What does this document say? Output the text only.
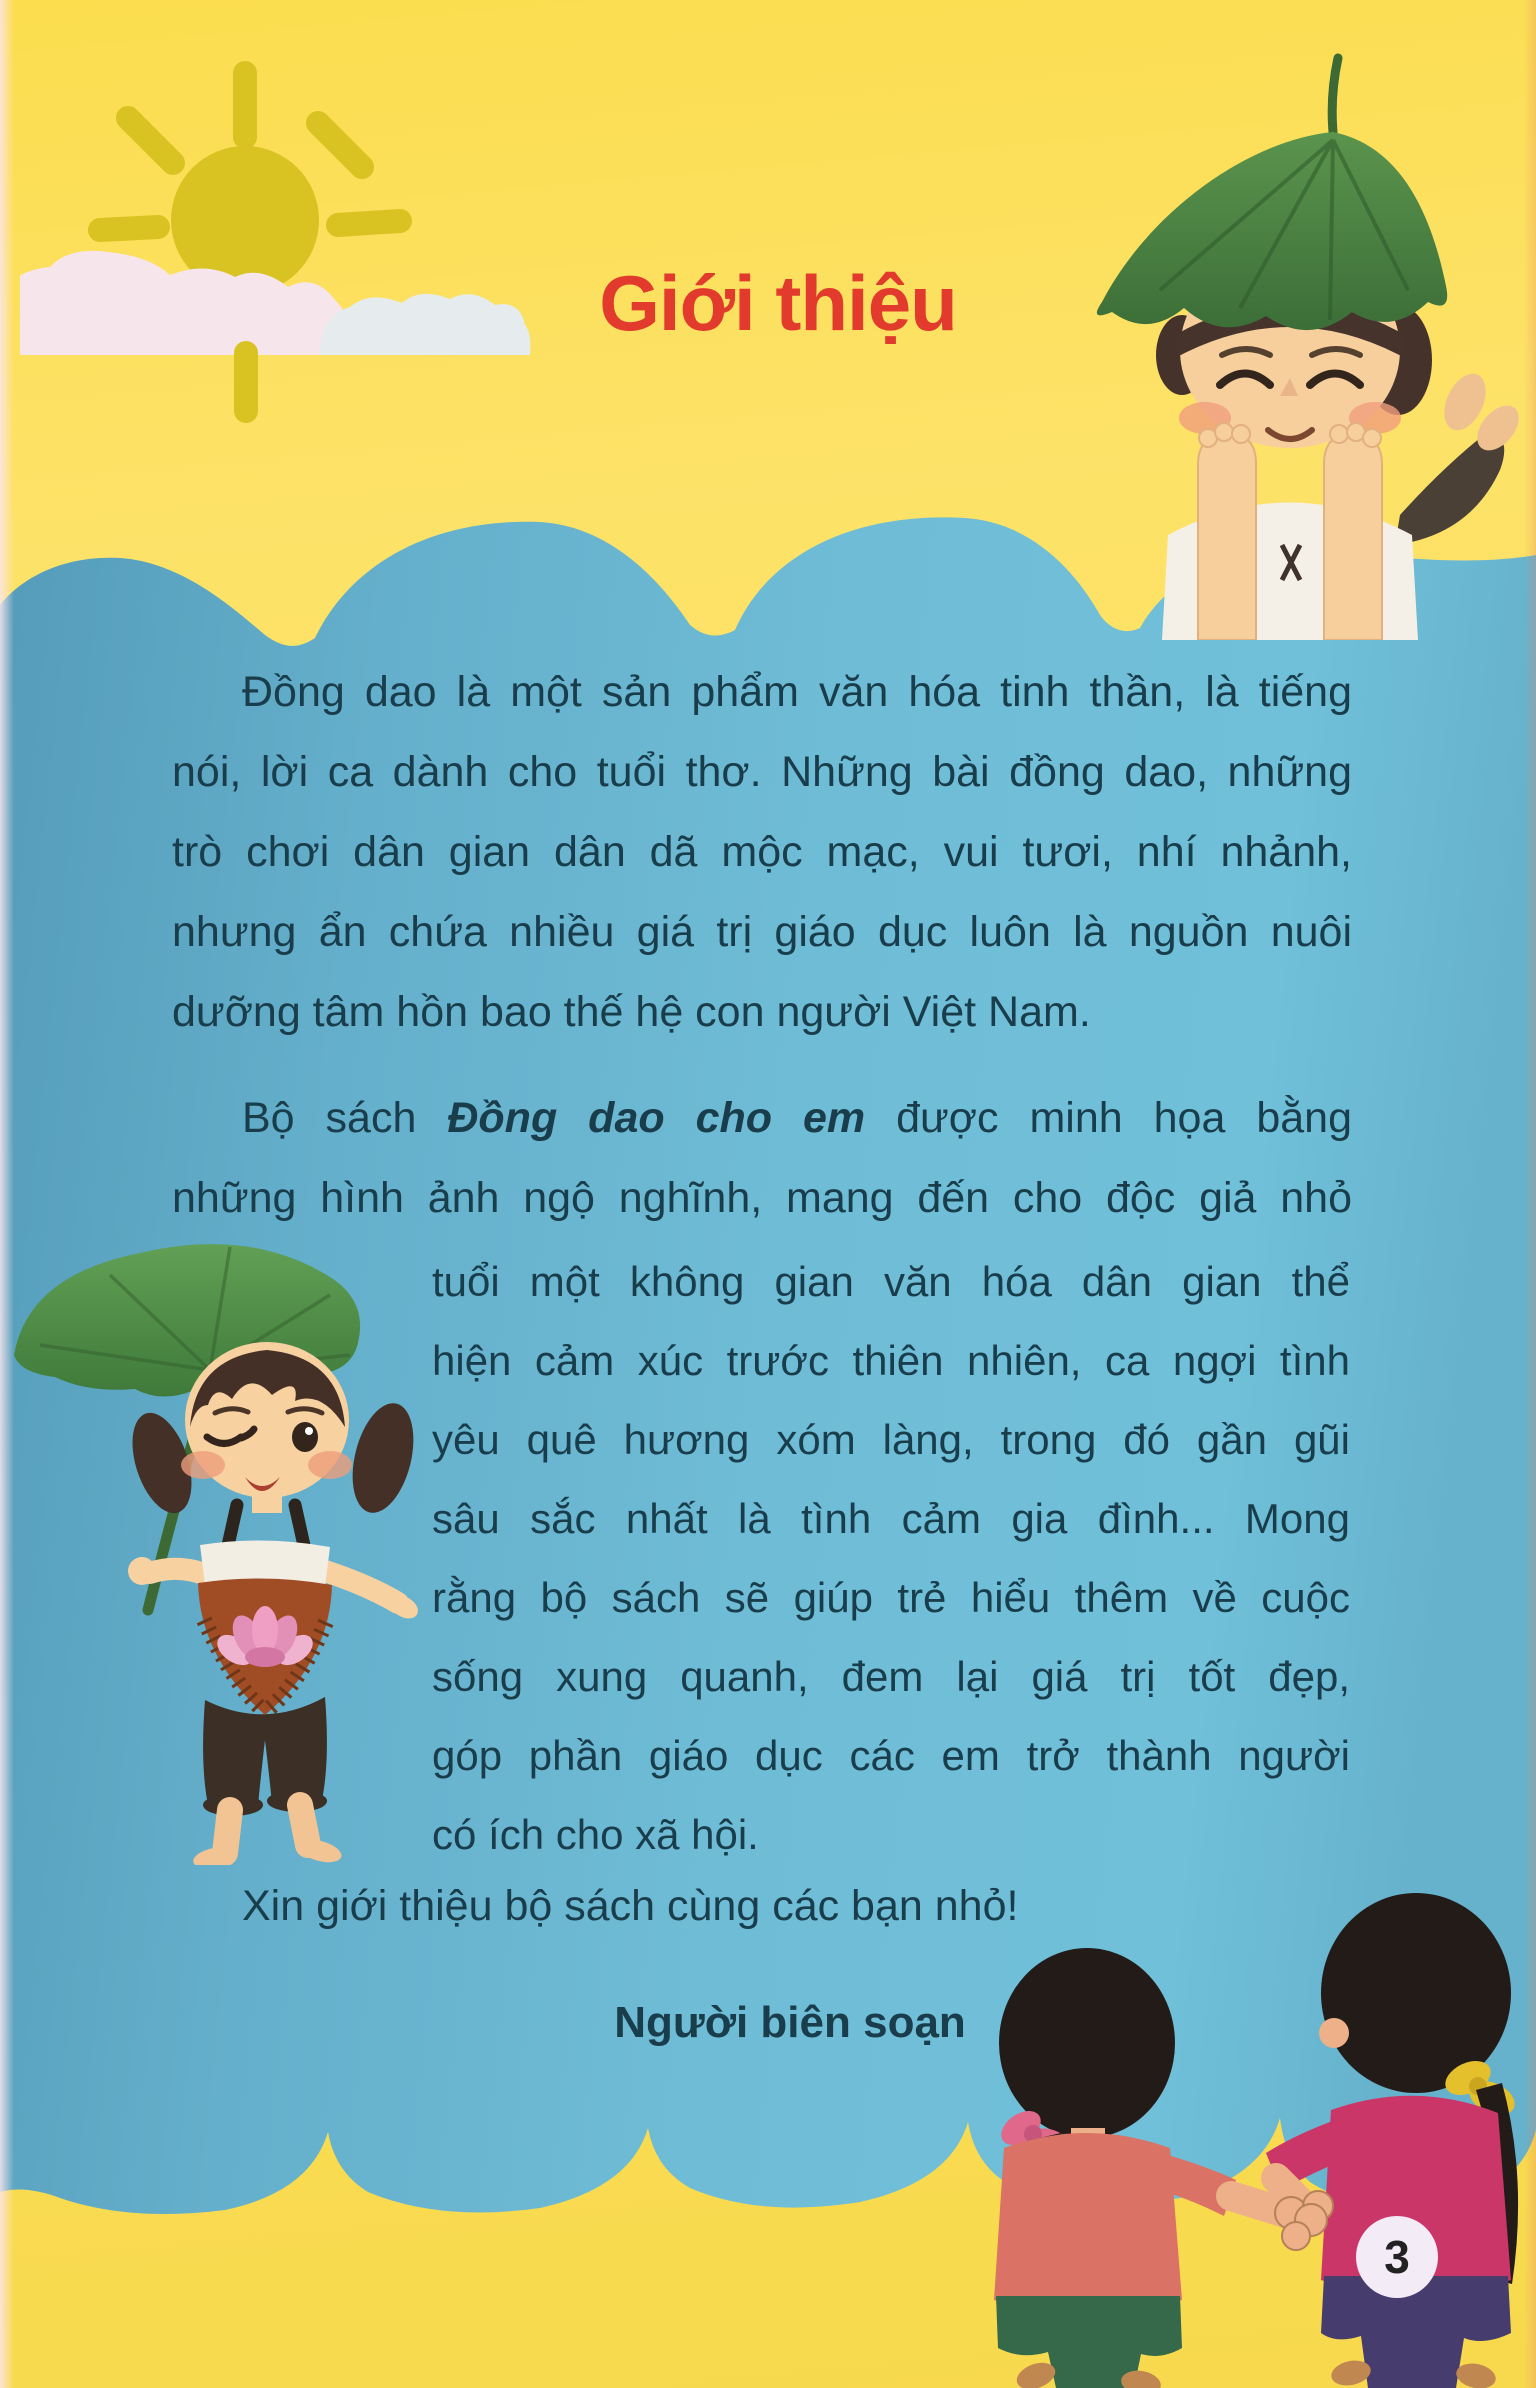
Giới thiệu
Đồng dao là một sản phẩm văn hóa tinh thần, là tiếng
nói, lời ca dành cho tuổi thơ. Những bài đồng dao, những
trò chơi dân gian dân dã mộc mạc, vui tươi, nhí nhảnh,
nhưng ẩn chứa nhiều giá trị giáo dục luôn là nguồn nuôi
dưỡng tâm hồn bao thế hệ con người Việt Nam.
Bộ sách Đồng dao cho em được minh họa bằng
những hình ảnh ngộ nghĩnh, mang đến cho độc giả nhỏ
tuổi một không gian văn hóa dân gian thể
hiện cảm xúc trước thiên nhiên, ca ngợi tình
yêu quê hương xóm làng, trong đó gần gũi
sâu sắc nhất là tình cảm gia đình... Mong
rằng bộ sách sẽ giúp trẻ hiểu thêm về cuộc
sống xung quanh, đem lại giá trị tốt đẹp,
góp phần giáo dục các em trở thành người
có ích cho xã hội.
Xin giới thiệu bộ sách cùng các bạn nhỏ!
Người biên soạn
3
